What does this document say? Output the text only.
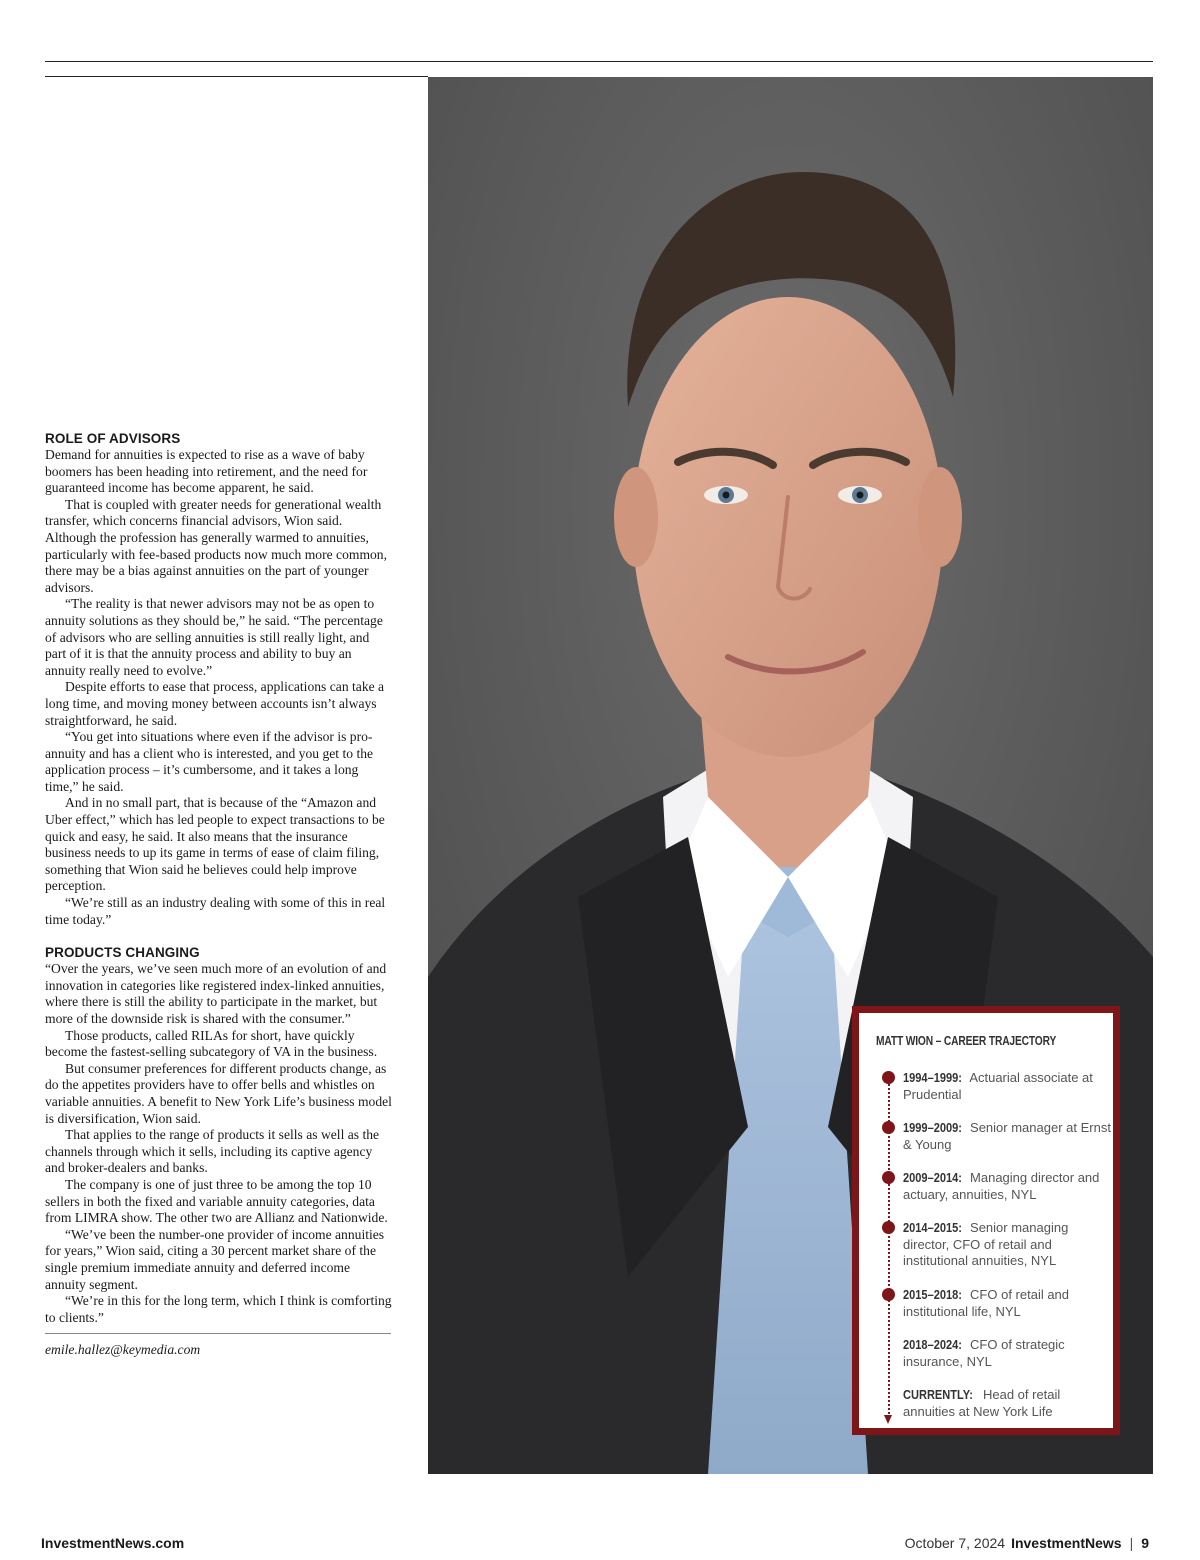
ROLE OF ADVISORS

Demand for annuities is expected to rise as a wave of baby boomers has been heading into retirement, and the need for guaranteed income has become apparent, he said.

That is coupled with greater needs for generational wealth transfer, which concerns financial advisors, Wion said. Although the profession has generally warmed to annuities, particularly with fee-based products now much more common, there may be a bias against annuities on the part of younger advisors.

“The reality is that newer advisors may not be as open to annuity solutions as they should be,” he said. “The percentage of advisors who are selling annuities is still really light, and part of it is that the annuity process and ability to buy an annuity really need to evolve.”

Despite efforts to ease that process, applications can take a long time, and moving money between accounts isn’t always straightforward, he said.

“You get into situations where even if the advisor is pro-annuity and has a client who is interested, and you get to the application process – it’s cumbersome, and it takes a long time,” he said.

And in no small part, that is because of the “Amazon and Uber effect,” which has led people to expect transactions to be quick and easy, he said. It also means that the insurance business needs to up its game in terms of ease of claim filing, something that Wion said he believes could help improve perception.

“We’re still as an industry dealing with some of this in real time today.”

PRODUCTS CHANGING

“Over the years, we’ve seen much more of an evolution of and innovation in categories like registered index-linked annuities, where there is still the ability to participate in the market, but more of the downside risk is shared with the consumer.”

Those products, called RILAs for short, have quickly become the fastest-selling subcategory of VA in the business.

But consumer preferences for different products change, as do the appetites providers have to offer bells and whistles on variable annuities. A benefit to New York Life’s business model is diversification, Wion said.

That applies to the range of products it sells as well as the channels through which it sells, including its captive agency and broker-dealers and banks.

The company is one of just three to be among the top 10 sellers in both the fixed and variable annuity categories, data from LIMRA show. The other two are Allianz and Nationwide.

“We’ve been the number-one provider of income annuities for years,” Wion said, citing a 30 percent market share of the single premium immediate annuity and deferred income annuity segment.

“We’re in this for the long term, which I think is comforting to clients.”

emile.hallez@keymedia.com
MATT WION – CAREER TRAJECTORY
1994–1999: Actuarial associate at Prudential
1999–2009: Senior manager at Ernst & Young
2009–2014: Managing director and actuary, annuities, NYL
2014–2015: Senior managing director, CFO of retail and institutional annuities, NYL
2015–2018: CFO of retail and institutional life, NYL
2018–2024: CFO of strategic insurance, NYL
CURRENTLY: Head of retail annuities at New York Life
InvestmentNews.com	October 7, 2024 InvestmentNews | 9
